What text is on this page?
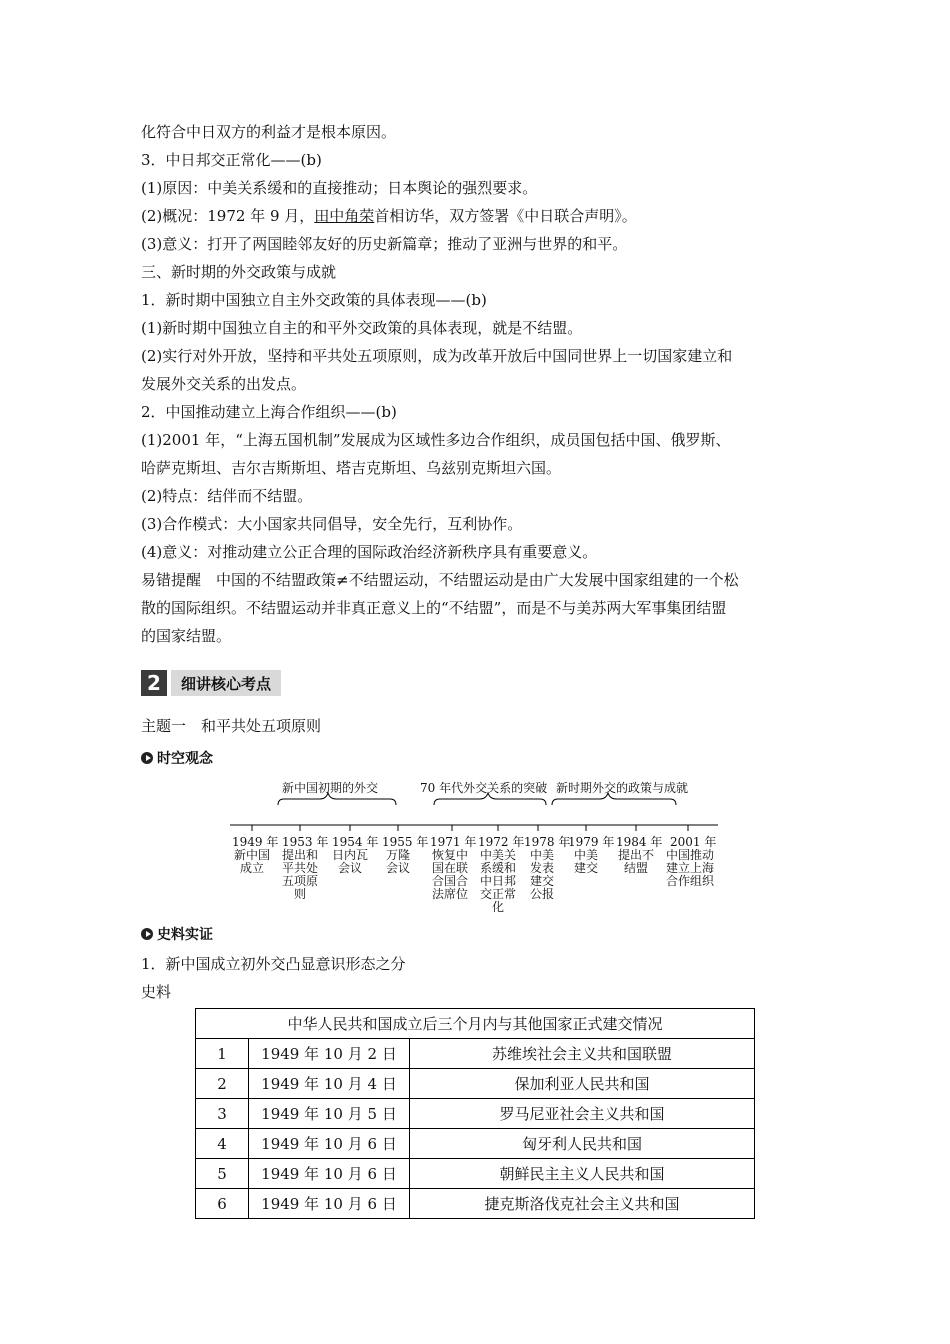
化符合中日双方的利益才是根本原因。
3．中日邦交正常化——(b)
(1)原因：中美关系缓和的直接推动；日本舆论的强烈要求。
(2)概况：1972 年 9 月，田中角荣首相访华，双方签署《中日联合声明》。
(3)意义：打开了两国睦邻友好的历史新篇章；推动了亚洲与世界的和平。
三、新时期的外交政策与成就
1．新时期中国独立自主外交政策的具体表现——(b)
(1)新时期中国独立自主的和平外交政策的具体表现，就是不结盟。
(2)实行对外开放，坚持和平共处五项原则，成为改革开放后中国同世界上一切国家建立和
发展外交关系的出发点。
2．中国推动建立上海合作组织——(b)
(1)2001 年，“上海五国机制”发展成为区域性多边合作组织，成员国包括中国、俄罗斯、
哈萨克斯坦、吉尔吉斯斯坦、塔吉克斯坦、乌兹别克斯坦六国。
(2)特点：结伴而不结盟。
(3)合作模式：大小国家共同倡导，安全先行，互利协作。
(4)意义：对推动建立公正合理的国际政治经济新秩序具有重要意义。
易错提醒　中国的不结盟政策≠不结盟运动，不结盟运动是由广大发展中国家组建的一个松
散的国际组织。不结盟运动并非真正意义上的“不结盟”，而是不与美苏两大军事集团结盟
的国家结盟。
2	细讲核心考点
主题一　和平共处五项原则
时空观念
新中国初期的外交	70 年代外交关系的突破 新时期外交的政策与成就
1949 年 1953 年 1954 年 1955 年 1971 年 1972 年 1978 年
1979 年 1984 年 2001 年
新中国
成立
提出和
平共处
五项原
则
日内瓦
会议
万隆
会议
恢复中
国在联
合国合
法席位
中美关
系缓和
中日邦
交正常
化
中美
发表
建交
公报
中美
建交
提出不
结盟
中国推动
建立上海
合作组织
史料实证
1．新中国成立初外交凸显意识形态之分
史料
中华人民共和国成立后三个月内与其他国家正式建交情况		
1	1949 年 10 月 2 日	苏维埃社会主义共和国联盟
2	1949 年 10 月 4 日	保加利亚人民共和国
3	1949 年 10 月 5 日	罗马尼亚社会主义共和国
4	1949 年 10 月 6 日	匈牙利人民共和国
5	1949 年 10 月 6 日	朝鲜民主主义人民共和国
6	1949 年 10 月 6 日	捷克斯洛伐克社会主义共和国
